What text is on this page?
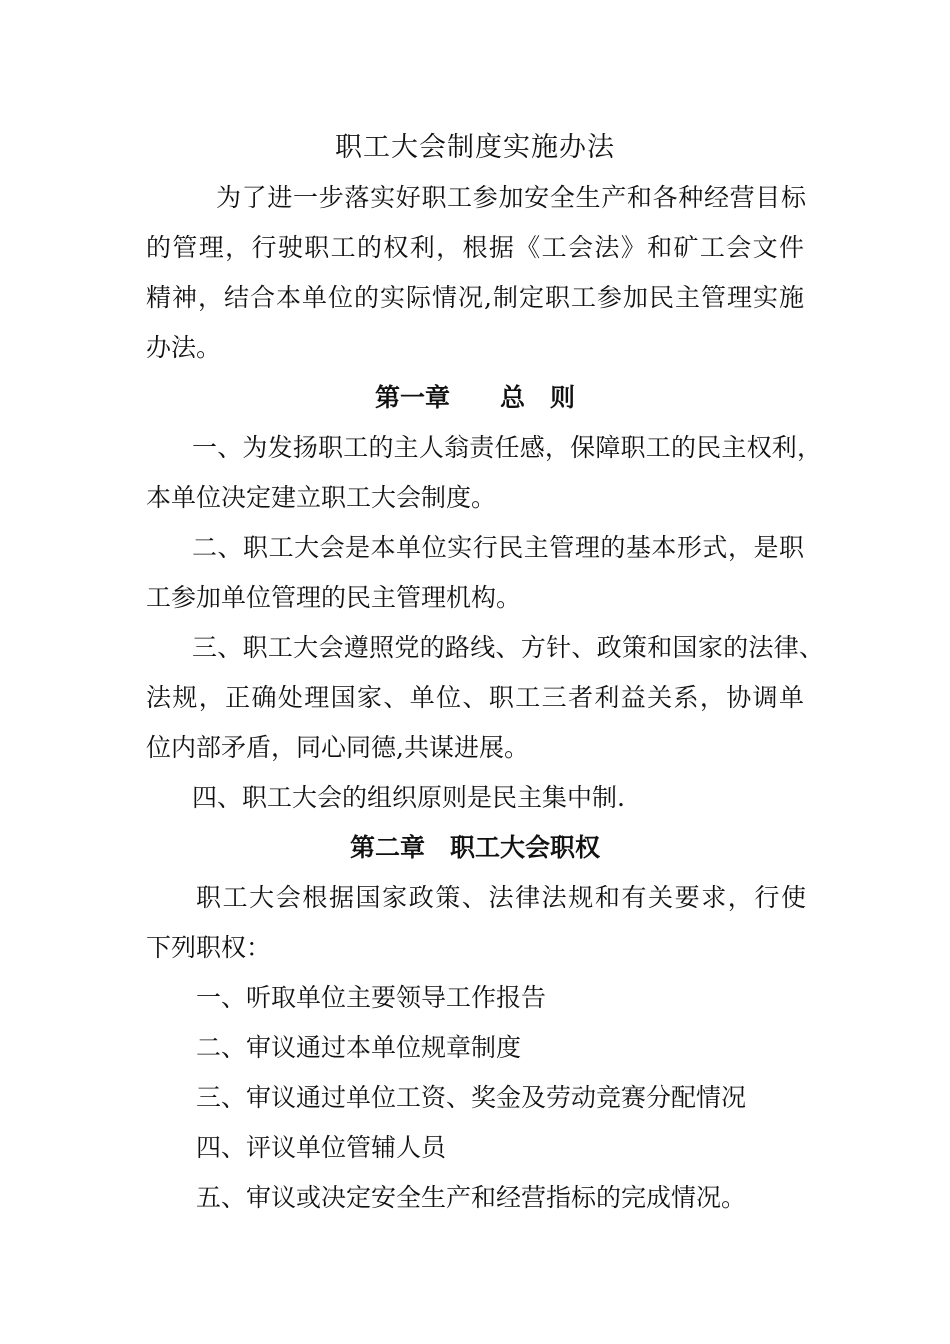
职工大会制度实施办法
为了进一步落实好职工参加安全生产和各种经营目标
的管理，行驶职工的权利，根据《工会法》和矿工会文件
精神，结合本单位的实际情况,制定职工参加民主管理实施
办法。
第一章　　总　则
一、为发扬职工的主人翁责任感，保障职工的民主权利，
本单位决定建立职工大会制度。
二、职工大会是本单位实行民主管理的基本形式，是职
工参加单位管理的民主管理机构。
三、职工大会遵照党的路线、方针、政策和国家的法律、
法规，正确处理国家、单位、职工三者利益关系，协调单
位内部矛盾，同心同德,共谋进展。
四、职工大会的组织原则是民主集中制.
第二章　职工大会职权
职工大会根据国家政策、法律法规和有关要求，行使
下列职权：
一、听取单位主要领导工作报告
二、审议通过本单位规章制度
三、审议通过单位工资、奖金及劳动竞赛分配情况
四、评议单位管辅人员
五、审议或决定安全生产和经营指标的完成情况。
